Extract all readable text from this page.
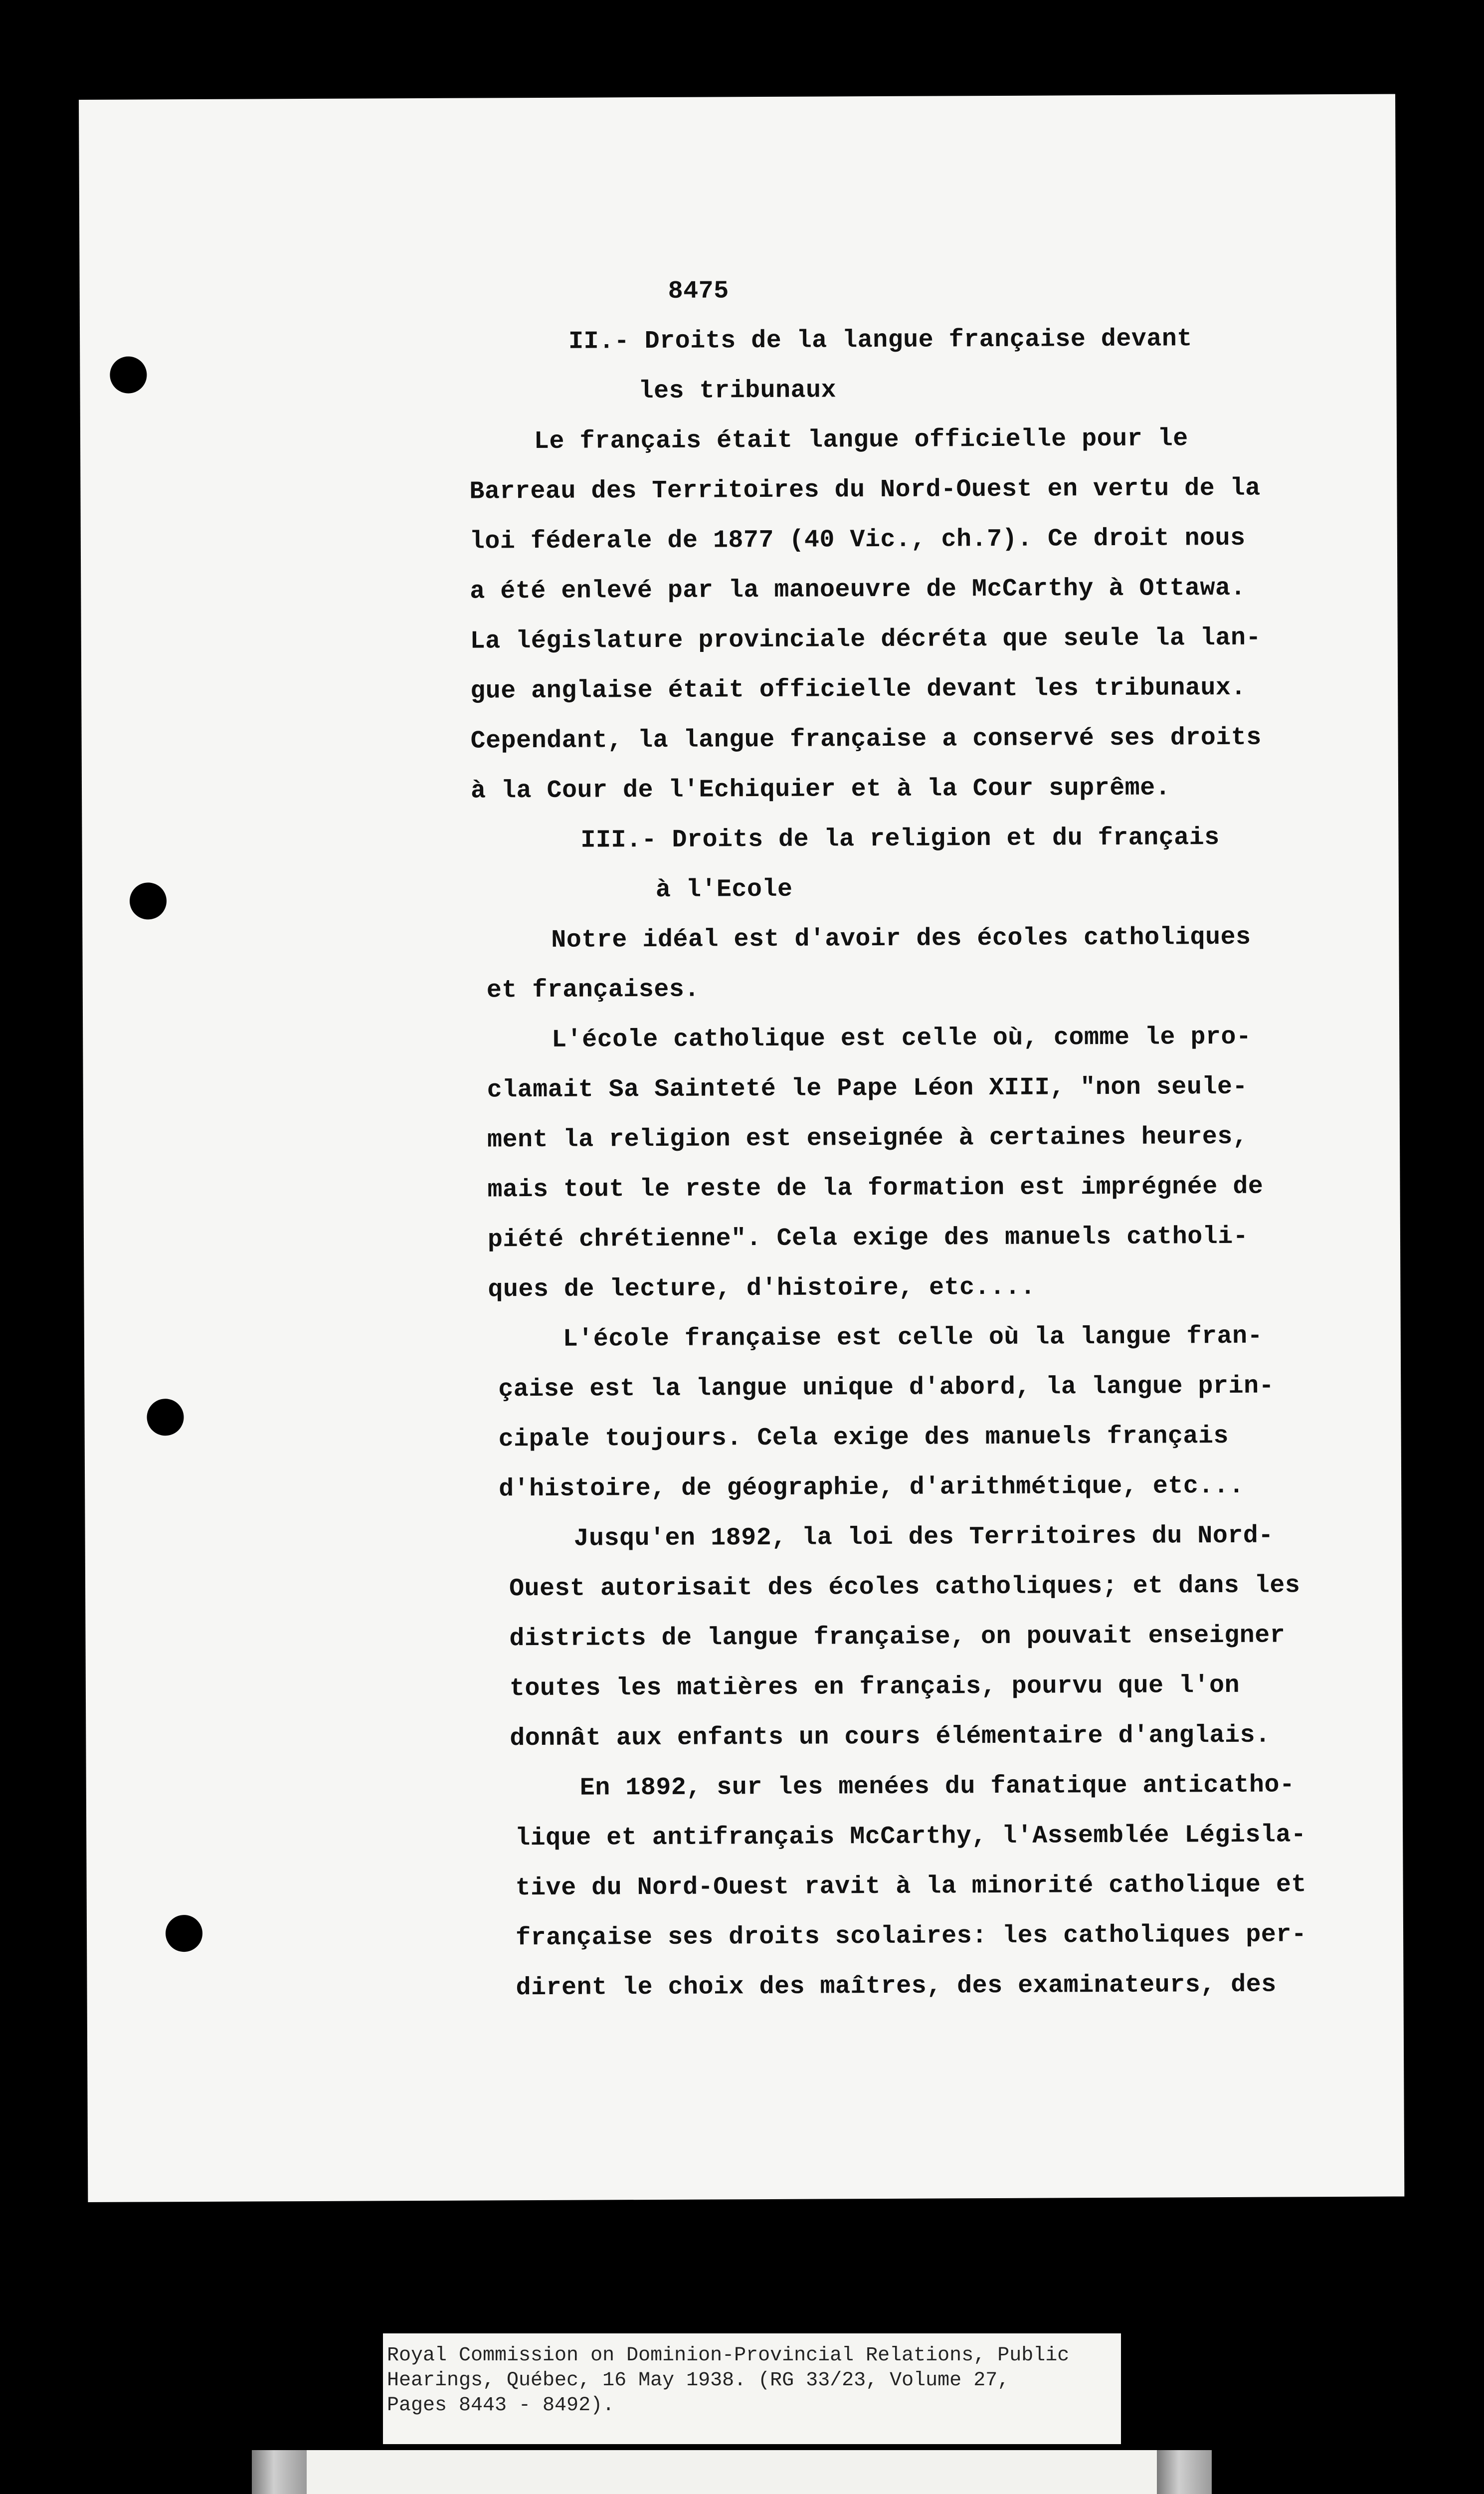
8475
II.- Droits de la langue française devant
les tribunaux
Le français était langue officielle pour le
Barreau des Territoires du Nord-Ouest en vertu de la
loi féderale de 1877 (40 Vic., ch.7). Ce droit nous
a été enlevé par la manoeuvre de McCarthy à Ottawa.
La législature provinciale décréta que seule la lan-
gue anglaise était officielle devant les tribunaux.
Cependant, la langue française a conservé ses droits
à la Cour de l'Echiquier et à la Cour suprême.
III.- Droits de la religion et du français
à l'Ecole
Notre idéal est d'avoir des écoles catholiques
et françaises.
L'école catholique est celle où, comme le pro-
clamait Sa Sainteté le Pape Léon XIII, "non seule-
ment la religion est enseignée à certaines heures,
mais tout le reste de la formation est imprégnée de
piété chrétienne". Cela exige des manuels catholi-
ques de lecture, d'histoire, etc....
L'école française est celle où la langue fran-
çaise est la langue unique d'abord, la langue prin-
cipale toujours. Cela exige des manuels français
d'histoire, de géographie, d'arithmétique, etc...
Jusqu'en 1892, la loi des Territoires du Nord-
Ouest autorisait des écoles catholiques; et dans les
districts de langue française, on pouvait enseigner
toutes les matières en français, pourvu que l'on
donnât aux enfants un cours élémentaire d'anglais.
En 1892, sur les menées du fanatique anticatho-
lique et antifrançais McCarthy, l'Assemblée Législa-
tive du Nord-Ouest ravit à la minorité catholique et
française ses droits scolaires: les catholiques per-
dirent le choix des maîtres, des examinateurs, des
Royal Commission on Dominion-Provincial Relations, Public
Hearings, Québec, 16 May 1938. (RG 33/23, Volume 27,
Pages 8443 - 8492).
